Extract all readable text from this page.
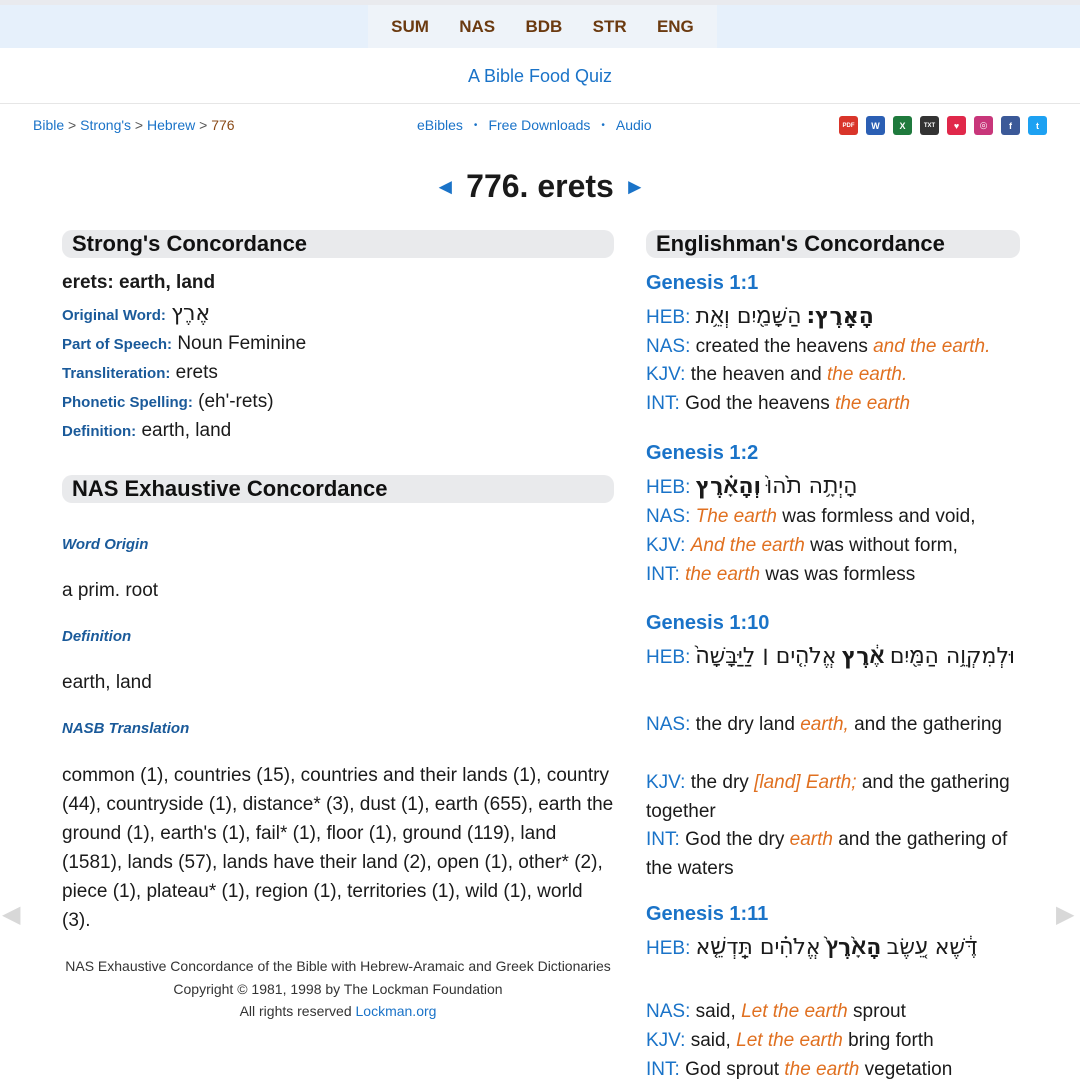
SUM NAS BDB STR ENG
A Bible Food Quiz
Bible > Strong's > Hebrew > 776	eBibles • Free Downloads • Audio	PDF	W	X	TXT	♥	◎	f	t
◄ 776. erets ►
Strong's Concordance
erets: earth, land
Original Word: אֶרֶץ
Part of Speech: Noun Feminine
Transliteration: erets
Phonetic Spelling: (eh'-rets)
Definition: earth, land
NAS Exhaustive Concordance
Word Origin
a prim. root
Definition
earth, land
NASB Translation
common (1), countries (15), countries and their lands (1), country (44), countryside (1), distance* (3), dust (1), earth (655), earth the ground (1), earth's (1), fail* (1), floor (1), ground (119), land (1581), lands (57), lands have their land (2), open (1), other* (2), piece (1), plateau* (1), region (1), territories (1), wild (1), world (3).
NAS Exhaustive Concordance of the Bible with Hebrew-Aramaic and Greek Dictionaries
Copyright © 1981, 1998 by The Lockman Foundation
All rights reserved Lockman.org
Englishman's Concordance
Genesis 1:1
HEB:	הָאָֽרֶץ׃ הַשָּׁמַ֖יִם וְאֵ֥ת
NAS: created the heavens and the earth.
KJV: the heaven and the earth.
INT: God the heavens the earth
Genesis 1:2
HEB:	הָיְתָ֥ה תֹ֙הוּ֙ וְהָאָ֗רֶץ
NAS: The earth was formless and void,
KJV: And the earth was without form,
INT: the earth was was formless
Genesis 1:10
HEB:	וּלְמִקְוֵ֥ה הַמַּ֖יִם אֶ֔רֶץ אֱלֹהִ֤ים ׀ לַיַּבָּשָׁה֙
NAS: the dry land earth, and the gathering
KJV: the dry [land] Earth; and the gathering together
INT: God the dry earth and the gathering of the waters
Genesis 1:11
HEB:	דֶּ֔שֶׁא עֵ֚שֶׂב הָאָ֙רֶץ֙ אֱלֹהִ֗ים תַּֽדְשֵׁ֤א
NAS: said, Let the earth sprout
KJV: said, Let the earth bring forth
INT: God sprout the earth vegetation
◀	▶
